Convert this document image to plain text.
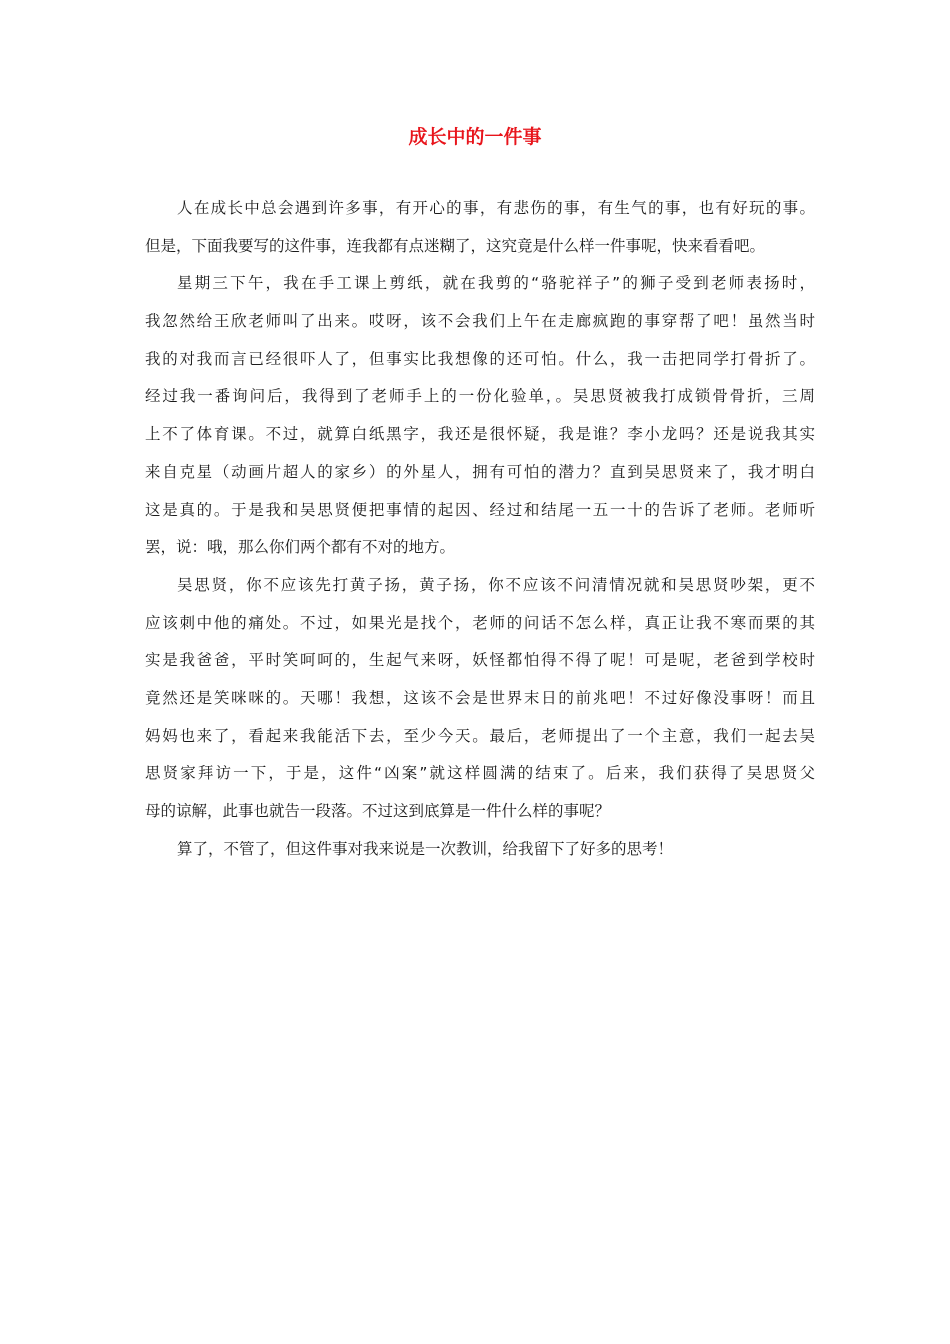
成长中的一件事
人在成长中总会遇到许多事，有开心的事，有悲伤的事，有生气的事，也有好玩的事。
但是，下面我要写的这件事，连我都有点迷糊了，这究竟是什么样一件事呢，快来看看吧。
星期三下午，我在手工课上剪纸，就在我剪的“骆驼祥子”的狮子受到老师表扬时，
我忽然给王欣老师叫了出来。哎呀，该不会我们上午在走廊疯跑的事穿帮了吧！虽然当时
我的对我而言已经很吓人了，但事实比我想像的还可怕。什么，我一击把同学打骨折了。
经过我一番询问后，我得到了老师手上的一份化验单，。吴思贤被我打成锁骨骨折，三周
上不了体育课。不过，就算白纸黑字，我还是很怀疑，我是谁？李小龙吗？还是说我其实
来自克星（动画片超人的家乡）的外星人，拥有可怕的潜力？直到吴思贤来了，我才明白
这是真的。于是我和吴思贤便把事情的起因、经过和结尾一五一十的告诉了老师。老师听
罢，说：哦，那么你们两个都有不对的地方。
吴思贤，你不应该先打黄子扬，黄子扬，你不应该不问清情况就和吴思贤吵架，更不
应该刺中他的痛处。不过，如果光是找个，老师的问话不怎么样，真正让我不寒而栗的其
实是我爸爸，平时笑呵呵的，生起气来呀，妖怪都怕得不得了呢！可是呢，老爸到学校时
竟然还是笑咪咪的。天哪！我想，这该不会是世界末日的前兆吧！不过好像没事呀！而且
妈妈也来了，看起来我能活下去，至少今天。最后，老师提出了一个主意，我们一起去吴
思贤家拜访一下，于是，这件“凶案”就这样圆满的结束了。后来，我们获得了吴思贤父
母的谅解，此事也就告一段落。不过这到底算是一件什么样的事呢？
算了，不管了，但这件事对我来说是一次教训，给我留下了好多的思考！
